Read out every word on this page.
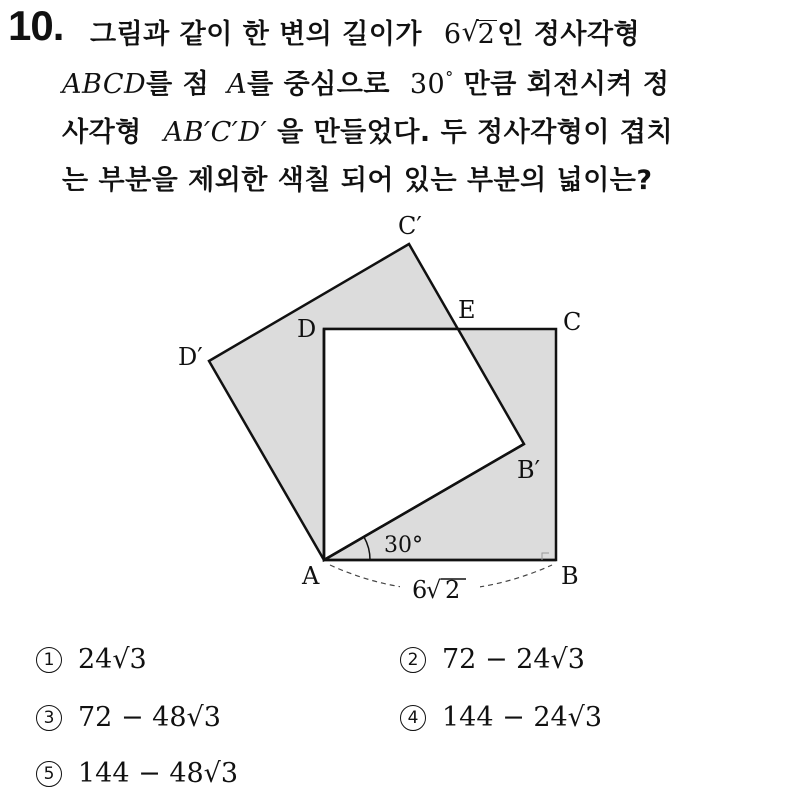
10. 그림과 같이 한 변의 길이가 6√ 2인 정사각형
ABCD를 점 A를 중심으로 30° 만큼 회전시켜 정
사각형 AB′C′D′ 을 만들었다. 두 정사각형이 겹치
는 부분을 제외한 색칠 되어 있는 부분의 넓이는?
A	B
C
D
E
B′
C′
D′
30°
6
√ 2
1 24√3	2 72 − 24√3
3 72 − 48√3	4 144 − 24√3
5 144 − 48√3
